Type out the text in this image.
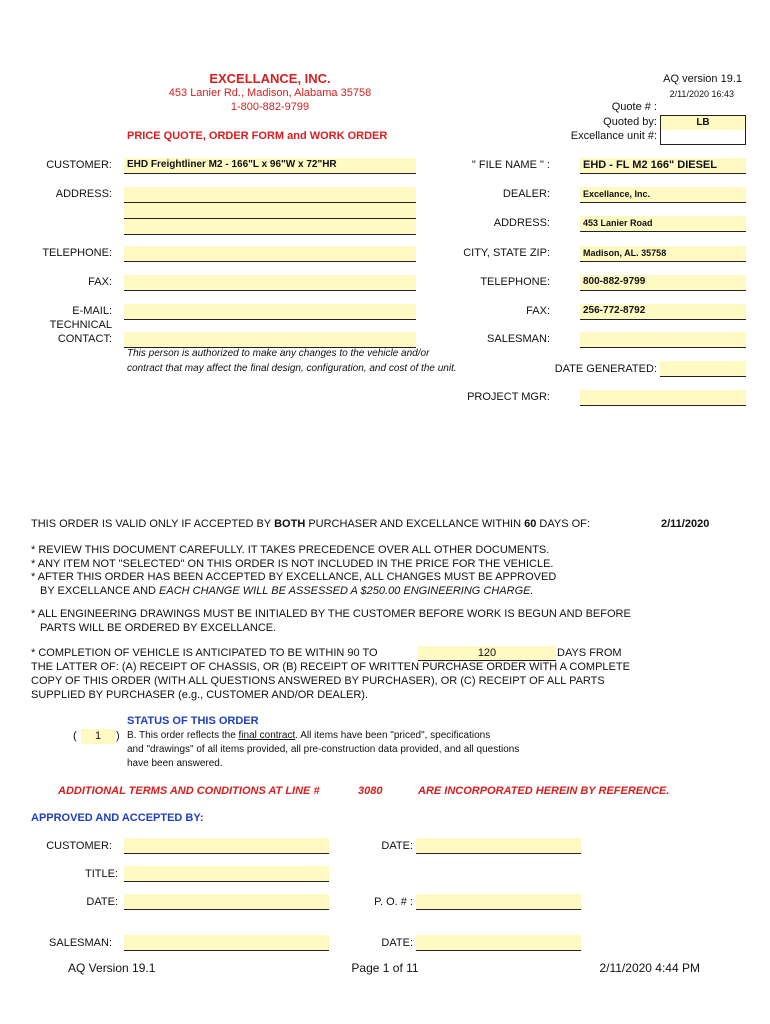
EXCELLANCE, INC.
453 Lanier Rd., Madison, Alabama 35758
1-800-882-9799
PRICE QUOTE, ORDER FORM and WORK ORDER
AQ version 19.1
2/11/2020 16:43
Quote # :
Quoted by:	LB
Excellance unit #:
CUSTOMER:	EHD Freightliner M2 - 166"L x 96"W x 72"HR
ADDRESS:
TELEPHONE:
FAX:
E-MAIL:
TECHNICAL
CONTACT:
This person is authorized to make any changes to the vehicle and/or
contract that may affect the final design, configuration, and cost of the unit.
" FILE NAME " :	EHD - FL M2 166" DIESEL
DEALER:	Excellance, Inc.
ADDRESS:	453 Lanier Road
CITY, STATE ZIP:	Madison, AL. 35758
TELEPHONE:	800-882-9799
FAX:	256-772-8792
SALESMAN:
DATE GENERATED:
PROJECT MGR:
THIS ORDER IS VALID ONLY IF ACCEPTED BY BOTH PURCHASER AND EXCELLANCE WITHIN 60 DAYS OF:	2/11/2020
* REVIEW THIS DOCUMENT CAREFULLY. IT TAKES PRECEDENCE OVER ALL OTHER DOCUMENTS.
* ANY ITEM NOT "SELECTED" ON THIS ORDER IS NOT INCLUDED IN THE PRICE FOR THE VEHICLE.
* AFTER THIS ORDER HAS BEEN ACCEPTED BY EXCELLANCE, ALL CHANGES MUST BE APPROVED
BY EXCELLANCE AND EACH CHANGE WILL BE ASSESSED A $250.00 ENGINEERING CHARGE.
* ALL ENGINEERING DRAWINGS MUST BE INITIALED BY THE CUSTOMER BEFORE WORK IS BEGUN AND BEFORE
PARTS WILL BE ORDERED BY EXCELLANCE.
* COMPLETION OF VEHICLE IS ANTICIPATED TO BE WITHIN 90 TO	120	DAYS FROM
THE LATTER OF: (A) RECEIPT OF CHASSIS, OR (B) RECEIPT OF WRITTEN PURCHASE ORDER WITH A COMPLETE
COPY OF THIS ORDER (WITH ALL QUESTIONS ANSWERED BY PURCHASER), OR (C) RECEIPT OF ALL PARTS
SUPPLIED BY PURCHASER (e.g., CUSTOMER AND/OR DEALER).
STATUS OF THIS ORDER
(	1	) B. This order reflects the final contract. All items have been "priced", specifications
and "drawings" of all items provided, all pre-construction data provided, and all questions
have been answered.
ADDITIONAL TERMS AND CONDITIONS AT LINE #	3080	ARE INCORPORATED HEREIN BY REFERENCE.
APPROVED AND ACCEPTED BY:
CUSTOMER:	DATE:
TITLE:
DATE:	P. O. # :
SALESMAN:	DATE:
AQ Version 19.1	Page 1 of 11	2/11/2020 4:44 PM
